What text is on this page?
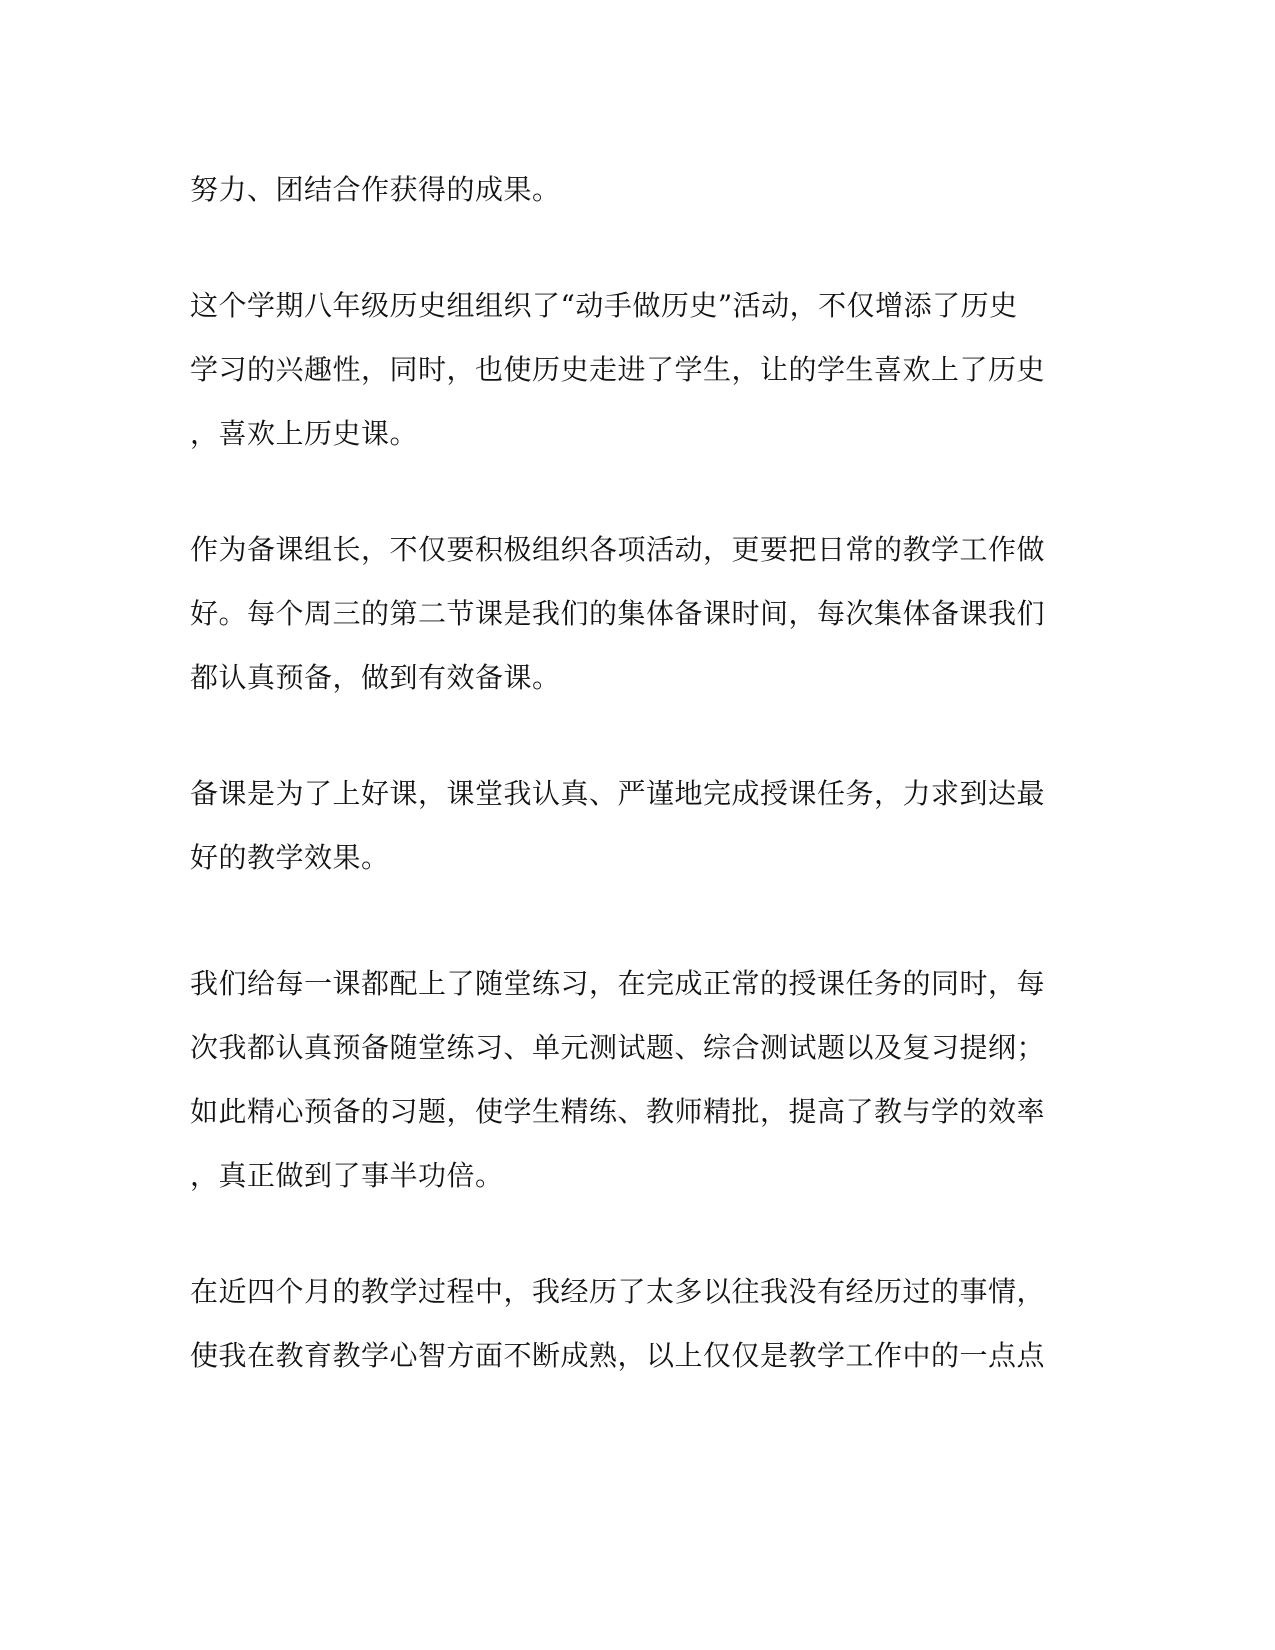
努力、团结合作获得的成果。
这个学期八年级历史组组织了“动手做历史”活动，不仅增添了历史
学习的兴趣性，同时，也使历史走进了学生，让的学生喜欢上了历史
，喜欢上历史课。
作为备课组长，不仅要积极组织各项活动，更要把日常的教学工作做
好。每个周三的第二节课是我们的集体备课时间，每次集体备课我们
都认真预备，做到有效备课。
备课是为了上好课，课堂我认真、严谨地完成授课任务，力求到达最
好的教学效果。
我们给每一课都配上了随堂练习，在完成正常的授课任务的同时，每
次我都认真预备随堂练习、单元测试题、综合测试题以及复习提纲；
如此精心预备的习题，使学生精练、教师精批，提高了教与学的效率
，真正做到了事半功倍。
在近四个月的教学过程中，我经历了太多以往我没有经历过的事情，
使我在教育教学心智方面不断成熟，以上仅仅是教学工作中的一点点
